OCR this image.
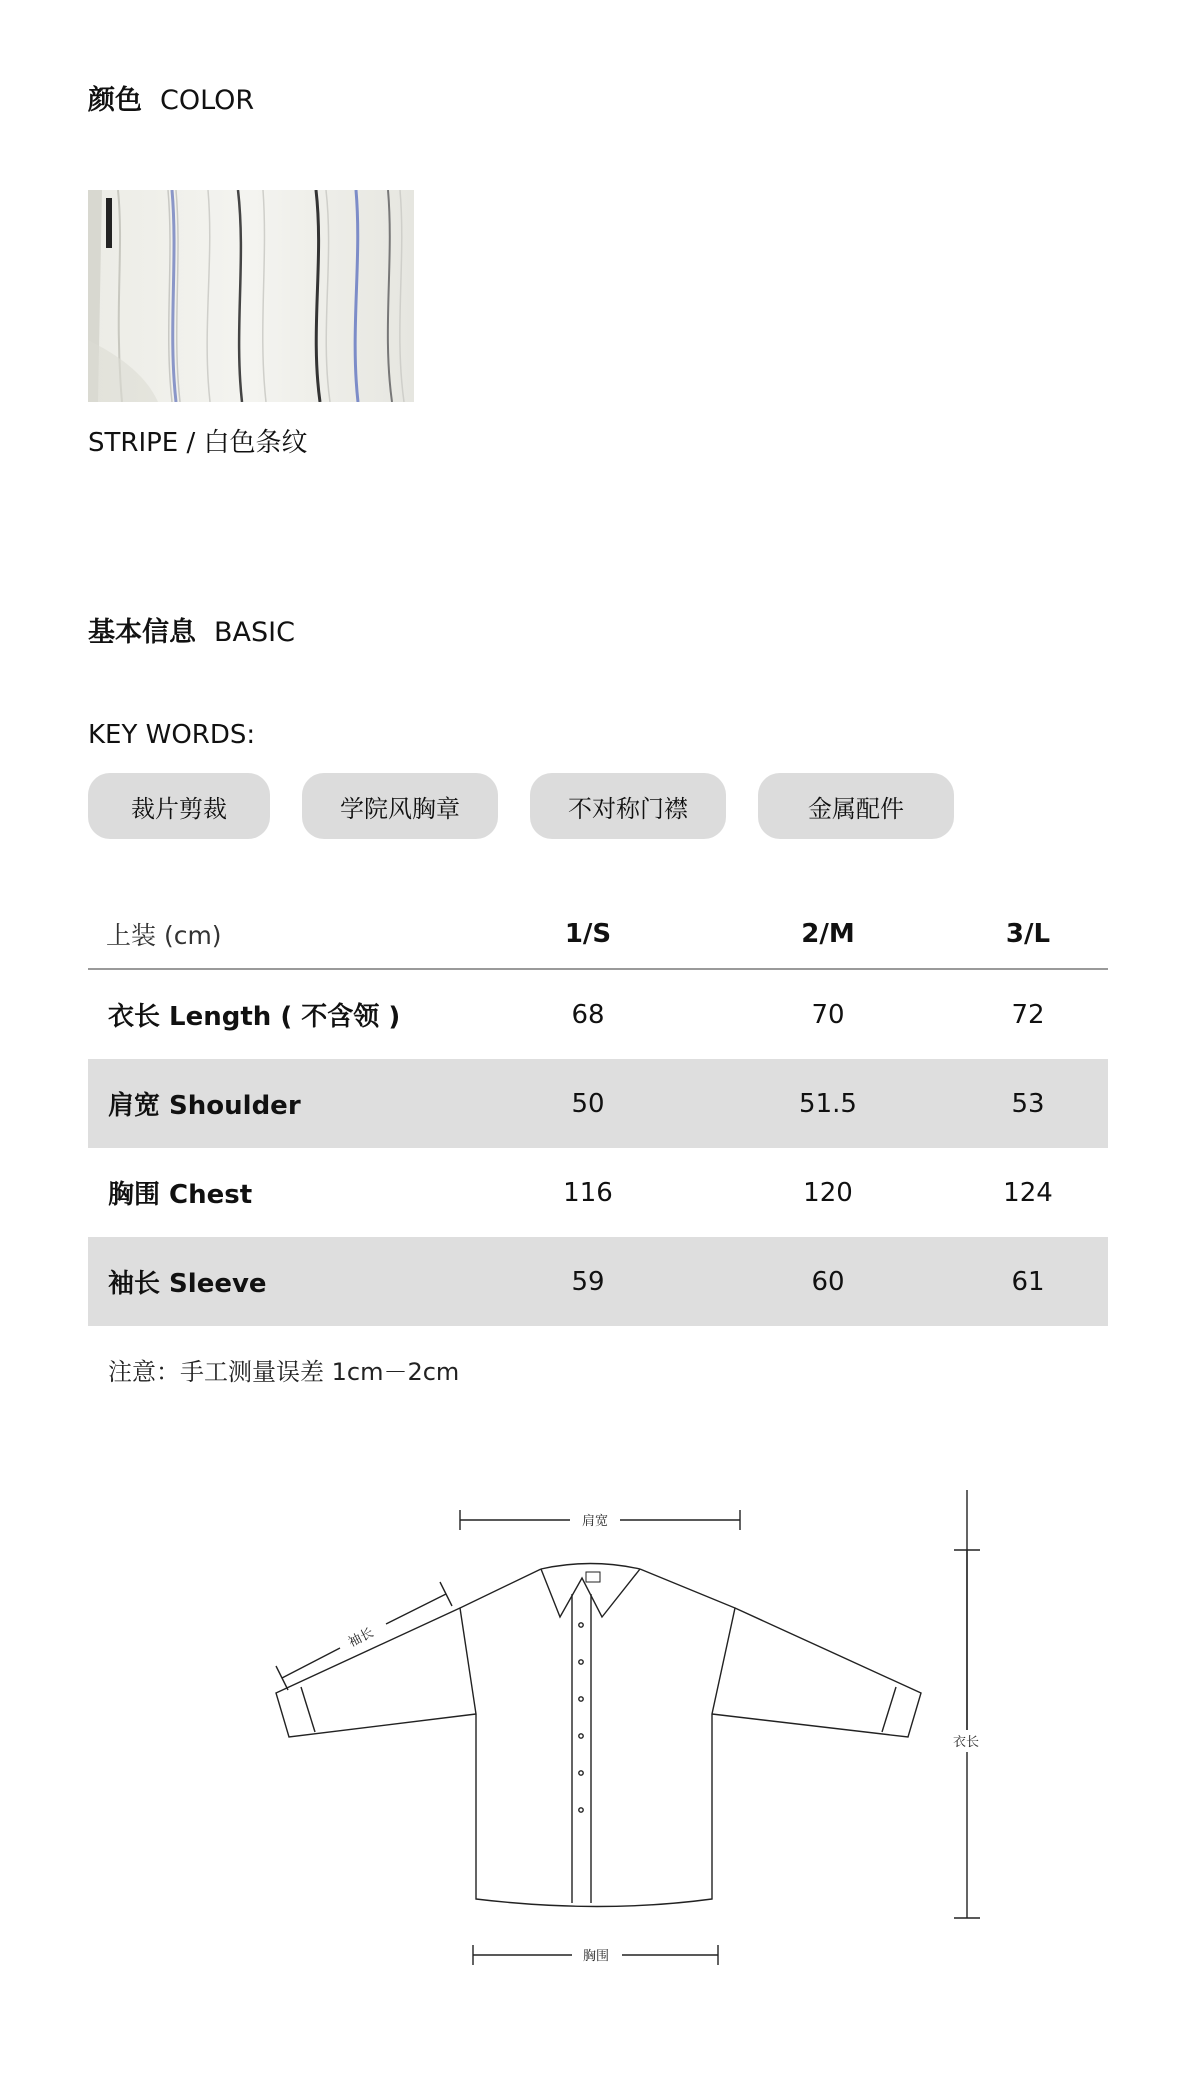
颜色 COLOR
STRIPE / 白色条纹
基本信息 BASIC
KEY WORDS:
裁片剪裁	学院风胸章	不对称门襟	金属配件
上装 (cm)	1/S	2/M	3/L
衣长 Length ( 不含领 )	68	70	72
肩宽 Shoulder	50	51.5	53
胸围 Chest	116	120	124
袖长 Sleeve	59	60	61
注意：手工测量误差 1cm－2cm
肩宽
袖长
衣长
胸围
